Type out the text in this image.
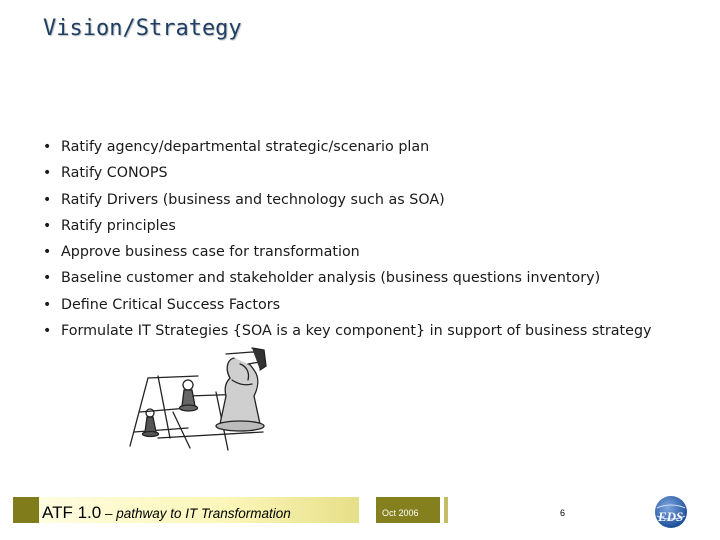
Vision/Strategy
• Ratify agency/departmental strategic/scenario plan
• Ratify CONOPS
• Ratify Drivers (business and technology such as SOA)
• Ratify principles
• Approve business case for transformation
• Baseline customer and stakeholder analysis (business questions inventory)
• Define Critical Success Factors
• Formulate IT Strategies {SOA is a key component} in support of business strategy
ATF 1.0 – pathway to IT Transformation	Oct 2006	6	EDS
